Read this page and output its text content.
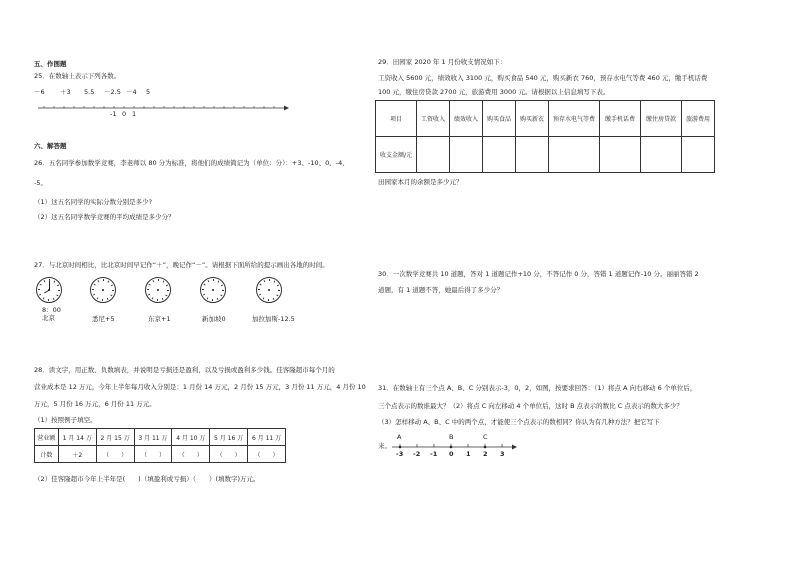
五、作图题
25．在数轴上表示下列各数。
－6 ＋3 5.5 －2.5 －4 5
-1 0 1
六、解答题
26．五名同学参加数学竞赛，李老师以 80 分为标准，将他们的成绩简记为（单位：分）：+3、-10、0、-4、
-5。
（1）这五名同学的实际分数分别是多少?
（2）这五名同学数学竞赛的平均成绩是多少分？
27．与北京时间相比，比北京时间早记作“＋”，晚记作“－”。请根据下面所给的提示画出各地的时间。
8：00
北京	悉尼+5	东京+1	新加坡0	加拉加斯-12.5
28．读文字，用正数、负数填表，并说明是亏损还是盈利，以及亏损或盈利多少钱。佳客隆超市每个月的
营业成本是 12 万元，今年上半年每月收入分别是：1 月份 14 万元，2 月份 15 万元，3 月份 11 万元，4 月份 10
万元，5 月份 16 万元，6 月份 11 万元。
（1）按照例子填空。
营业额	1 月 14 万	2 月 15 万	3 月 11 万	4 月 10 万	5 月 16 万	6 月 11 万
计数	＋2	（　　）	（　　）	（　　）	（　　）	（　　）
（2）佳客隆超市今年上半年是(　　)（填盈利或亏损）（　　）(填数字)万元。
29．田园家 2020 年 1 月份收支情况如下：
工资收入 5600 元，绩效收入 3100 元，购买食品 540 元，购买新衣 760，预存水电气等费 460 元，缴手机话费
100 元，缴住房贷款 2700 元，旅游费用 3000 元。请根据以上信息填写下表。
项目	工资收入	绩效收入	购买食品	购买新衣	预存水电气等费	缴手机话费	缴住房贷款	旅游费用
收支金额/元								
田园家本月的余额是多少元？
30．一次数学竞赛共 10 道题，答对 1 道题记作+10 分，不答记作 0 分，答错 1 道题记作-10 分。丽丽答错 2
道题，有 1 道题不答，她最后得了多少分？
31．在数轴上有三个点 A、B、C 分别表示-3，0，2，如图，按要求回答：（1）将点 A 向右移动 6 个单位后，
三个点表示的数谁最大？（2）将点 C 向左移动 4 个单位后，这时 B 点表示的数比 C 点表示的数大多少？
（3）怎样移动 A、B、C 中的两个点，才能使三个点表示的数相同？你认为有几种方法？把它写下
来。
A	B	C
-3 -2 -1 0 1 2 3
